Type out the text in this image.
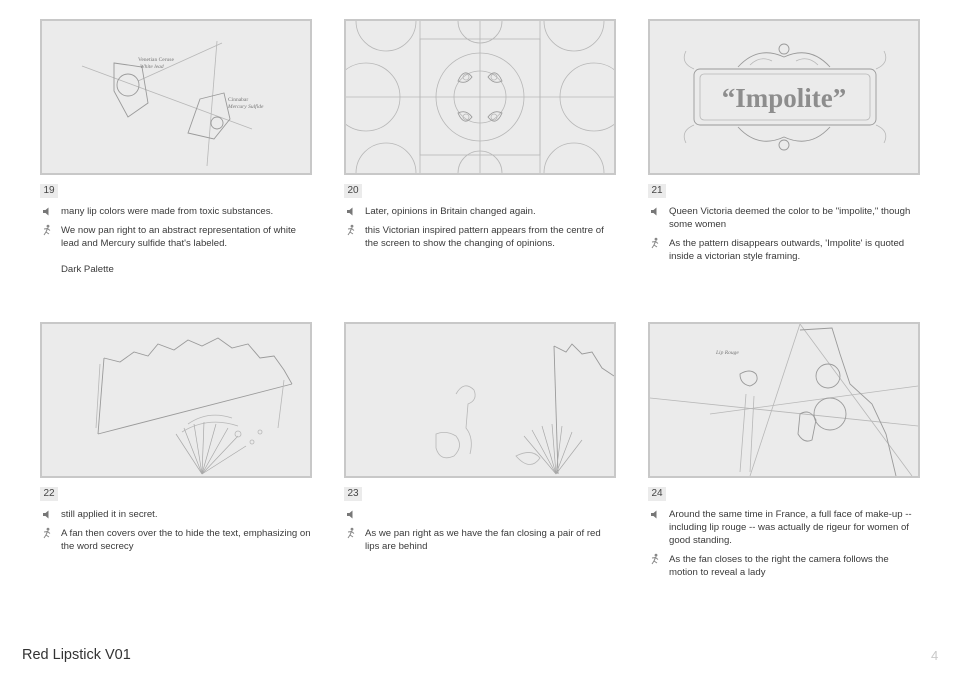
Venetian Ceruse
White lead
Cinnabar
Mercury Sulfide
19
many lip colors were made from toxic substances.
We now pan right to an abstract representation of white lead and Mercury sulfide that's labeled.
Dark Palette
20
Later, opinions in Britain changed again.
this Victorian inspired pattern appears from the centre of the screen to show the changing of opinions.
“Impolite”
21
Queen Victoria deemed the color to be "impolite," though some women
As the pattern disappears outwards, 'Impolite' is quoted inside a victorian style framing.
22
still applied it in secret.
A fan then covers over the to hide the text, emphasizing on the word secrecy
23
As we pan right as we have the fan closing a pair of red lips are behind
Lip Rouge
24
Around the same time in France, a full face of make-up -- including lip rouge -- was actually de rigeur for women of good standing.
As the fan closes to the right the camera follows the motion to reveal a lady
Red Lipstick V01	4
